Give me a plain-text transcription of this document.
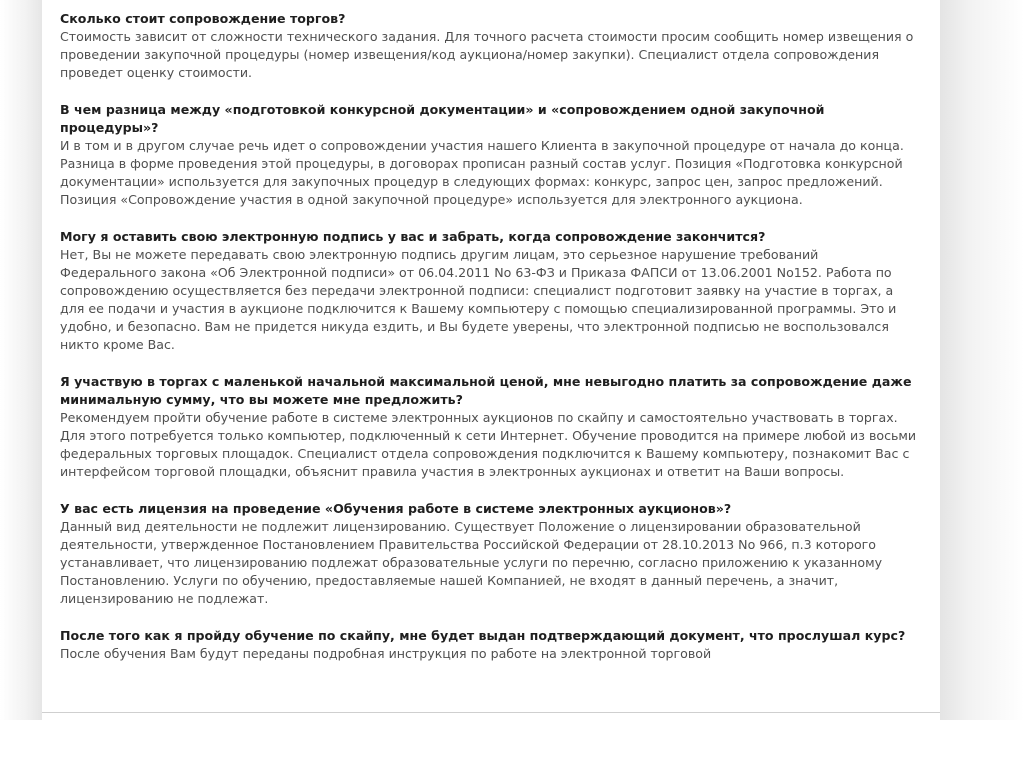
Сколько стоит сопровождение торгов?

Стоимость зависит от сложности технического задания. Для точного расчета стоимости просим сообщить номер извещения о проведении закупочной процедуры (номер извещения/код аукциона/номер закупки). Специалист отдела сопровождения проведет оценку стоимости.

В чем разница между «подготовкой конкурсной документации» и «сопровождением одной закупочной процедуры»?

И в том и в другом случае речь идет о сопровождении участия нашего Клиента в закупочной процедуре от начала до конца. Разница в форме проведения этой процедуры, в договорах прописан разный состав услуг. Позиция «Подготовка конкурсной документации» используется для закупочных процедур в следующих формах: конкурс, запрос цен, запрос предложений. Позиция «Сопровождение участия в одной закупочной процедуре» используется для электронного аукциона.

Могу я оставить свою электронную подпись у вас и забрать, когда сопровождение закончится?

Нет, Вы не можете передавать свою электронную подпись другим лицам, это серьезное нарушение требований Федерального закона «Об Электронной подписи» от 06.04.2011 No 63-ФЗ и Приказа ФАПСИ от 13.06.2001 No152. Работа по сопровождению осуществляется без передачи электронной подписи: специалист подготовит заявку на участие в торгах, а для ее подачи и участия в аукционе подключится к Вашему компьютеру с помощью специализированной программы. Это и удобно, и безопасно. Вам не придется никуда ездить, и Вы будете уверены, что электронной подписью не воспользовался никто кроме Вас.

Я участвую в торгах с маленькой начальной максимальной ценой, мне невыгодно платить за сопровождение даже минимальную сумму, что вы можете мне предложить?

Рекомендуем пройти обучение работе в системе электронных аукционов по скайпу и самостоятельно участвовать в торгах. Для этого потребуется только компьютер, подключенный к сети Интернет. Обучение проводится на примере любой из восьми федеральных торговых площадок. Специалист отдела сопровождения подключится к Вашему компьютеру, познакомит Вас с интерфейсом торговой площадки, объяснит правила участия в электронных аукционах и ответит на Ваши вопросы.

У вас есть лицензия на проведение «Обучения работе в системе электронных аукционов»?

Данный вид деятельности не подлежит лицензированию. Существует Положение о лицензировании образовательной деятельности, утвержденное Постановлением Правительства Российской Федерации от 28.10.2013 No 966, п.3 которого устанавливает, что лицензированию подлежат образовательные услуги по перечню, согласно приложению к указанному Постановлению. Услуги по обучению, предоставляемые нашей Компанией, не входят в данный перечень, а значит, лицензированию не подлежат.

После того как я пройду обучение по скайпу, мне будет выдан подтверждающий документ, что прослушал курс?

После обучения Вам будут переданы подробная инструкция по работе на электронной торговой
